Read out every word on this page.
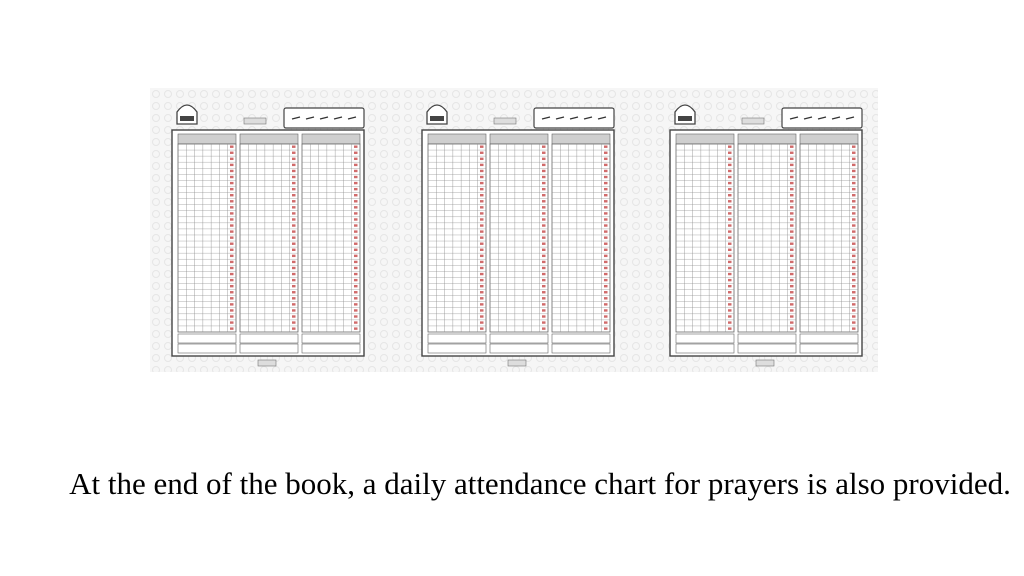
At the end of the book, a daily attendance chart for prayers is also provided.
